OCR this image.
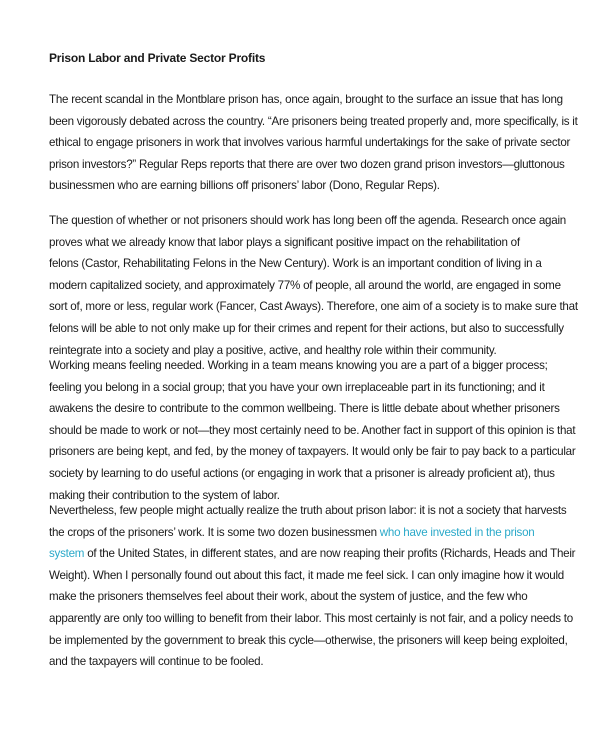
Prison Labor and Private Sector Profits
The recent scandal in the Montblare prison has, once again, brought to the surface an issue that has long
been vigorously debated across the country. “Are prisoners being treated properly and, more specifically, is it
ethical to engage prisoners in work that involves various harmful undertakings for the sake of private sector
prison investors?” Regular Reps reports that there are over two dozen grand prison investors—gluttonous
businessmen who are earning billions off prisoners’ labor (Dono, Regular Reps).
The question of whether or not prisoners should work has long been off the agenda. Research once again
proves what we already know that labor plays a significant positive impact on the rehabilitation of
felons (Castor, Rehabilitating Felons in the New Century). Work is an important condition of living in a
modern capitalized society, and approximately 77% of people, all around the world, are engaged in some
sort of, more or less, regular work (Fancer, Cast Aways). Therefore, one aim of a society is to make sure that
felons will be able to not only make up for their crimes and repent for their actions, but also to successfully
reintegrate into a society and play a positive, active, and healthy role within their community.
Working means feeling needed. Working in a team means knowing you are a part of a bigger process;
feeling you belong in a social group; that you have your own irreplaceable part in its functioning; and it
awakens the desire to contribute to the common wellbeing. There is little debate about whether prisoners
should be made to work or not—they most certainly need to be. Another fact in support of this opinion is that
prisoners are being kept, and fed, by the money of taxpayers. It would only be fair to pay back to a particular
society by learning to do useful actions (or engaging in work that a prisoner is already proficient at), thus
making their contribution to the system of labor.
Nevertheless, few people might actually realize the truth about prison labor: it is not a society that harvests
the crops of the prisoners’ work. It is some two dozen businessmen who have invested in the prison
system of the United States, in different states, and are now reaping their profits (Richards, Heads and Their
Weight). When I personally found out about this fact, it made me feel sick. I can only imagine how it would
make the prisoners themselves feel about their work, about the system of justice, and the few who
apparently are only too willing to benefit from their labor. This most certainly is not fair, and a policy needs to
be implemented by the government to break this cycle—otherwise, the prisoners will keep being exploited,
and the taxpayers will continue to be fooled.
